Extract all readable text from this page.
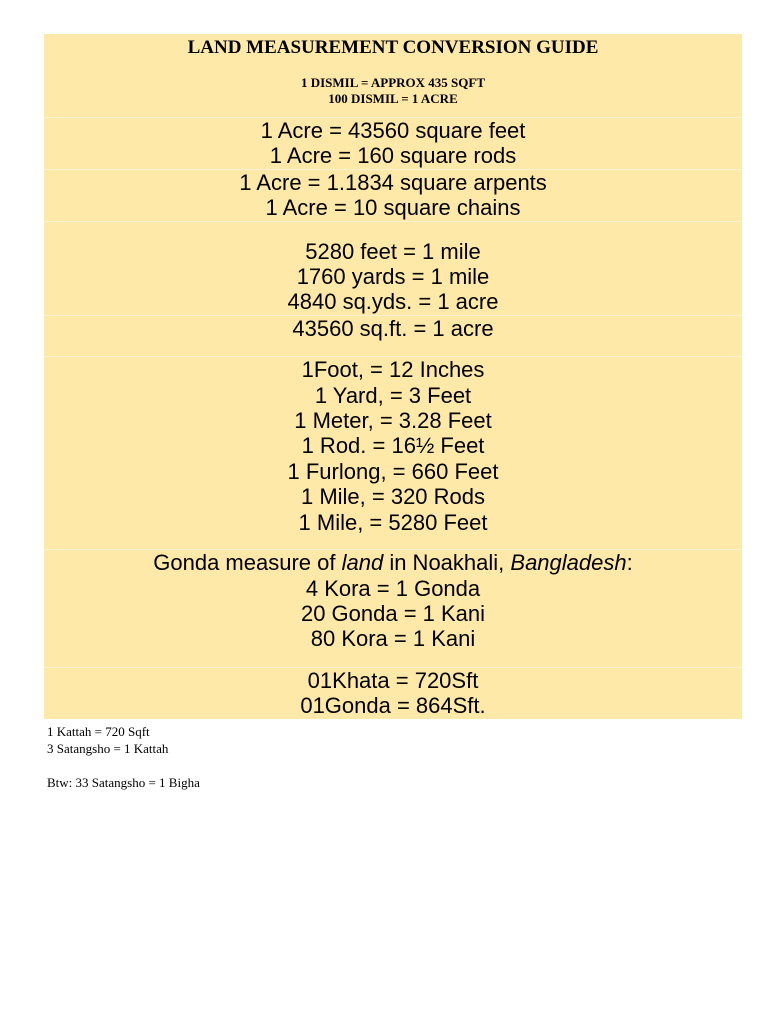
LAND MEASUREMENT CONVERSION GUIDE
1 DISMIL = APPROX 435 SQFT
100 DISMIL = 1 ACRE
1 Acre = 43560 square feet
1 Acre = 160 square rods
1 Acre = 1.1834 square arpents
1 Acre = 10 square chains
5280 feet = 1 mile
1760 yards = 1 mile
4840 sq.yds. = 1 acre
43560 sq.ft. = 1 acre
1Foot, = 12 Inches
1 Yard, = 3 Feet
1 Meter, = 3.28 Feet
1 Rod. = 16½ Feet
1 Furlong, = 660 Feet
1 Mile, = 320 Rods
1 Mile, = 5280 Feet
Gonda measure of land in Noakhali, Bangladesh:
4 Kora = 1 Gonda
20 Gonda = 1 Kani
80 Kora = 1 Kani
01Khata = 720Sft
01Gonda = 864Sft.
1 Kattah = 720 Sqft
3 Satangsho = 1 Kattah
Btw: 33 Satangsho = 1 Bigha
